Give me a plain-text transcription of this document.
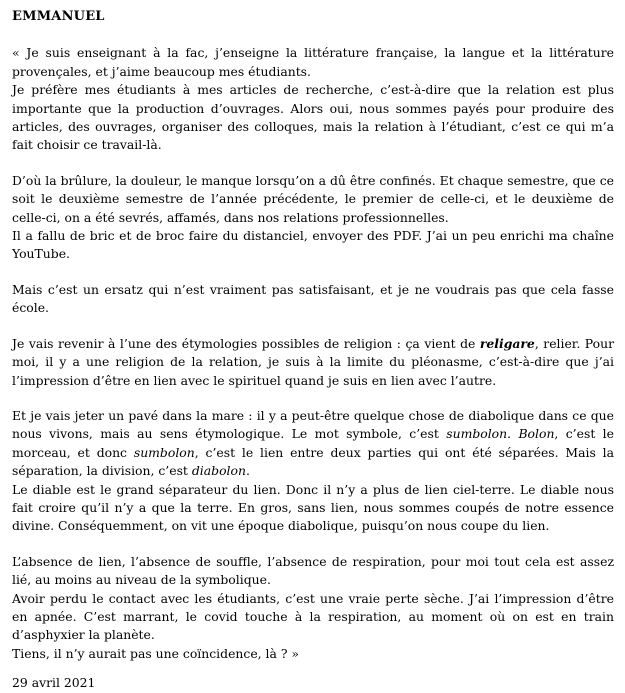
EMMANUEL

« Je suis enseignant à la fac, j’enseigne la littérature française, la langue et la littérature provençales, et j’aime beaucoup mes étudiants.

Je préfère mes étudiants à mes articles de recherche, c’est-à-dire que la relation est plus importante que la production d’ouvrages. Alors oui, nous sommes payés pour produire des articles, des ouvrages, organiser des colloques, mais la relation à l’étudiant, c’est ce qui m’a fait choisir ce travail-là.

D’où la brûlure, la douleur, le manque lorsqu’on a dû être confinés. Et chaque semestre, que ce soit le deuxième semestre de l’année précédente, le premier de celle-ci, et le deuxième de celle-ci, on a été sevrés, affamés, dans nos relations professionnelles.

Il a fallu de bric et de broc faire du distanciel, envoyer des PDF. J’ai un peu enrichi ma chaîne YouTube.

Mais c’est un ersatz qui n’est vraiment pas satisfaisant, et je ne voudrais pas que cela fasse école.

Je vais revenir à l’une des étymologies possibles de religion : ça vient de religare, relier. Pour moi, il y a une religion de la relation, je suis à la limite du pléonasme, c’est-à-dire que j’ai l’impression d’être en lien avec le spirituel quand je suis en lien avec l’autre.

Et je vais jeter un pavé dans la mare : il y a peut-être quelque chose de diabolique dans ce que nous vivons, mais au sens étymologique. Le mot symbole, c’est sumbolon. Bolon, c’est le morceau, et donc sumbolon, c’est le lien entre deux parties qui ont été séparées. Mais la séparation, la division, c’est diabolon.

Le diable est le grand séparateur du lien. Donc il n’y a plus de lien ciel-terre. Le diable nous fait croire qu’il n’y a que la terre. En gros, sans lien, nous sommes coupés de notre essence divine. Conséquemment, on vit une époque diabolique, puisqu’on nous coupe du lien.

L’absence de lien, l’absence de souffle, l’absence de respiration, pour moi tout cela est assez lié, au moins au niveau de la symbolique.

Avoir perdu le contact avec les étudiants, c’est une vraie perte sèche. J’ai l’impression d’être en apnée. C’est marrant, le covid touche à la respiration, au moment où on est en train d’asphyxier la planète.

Tiens, il n’y aurait pas une coïncidence, là ? »

29 avril 2021
